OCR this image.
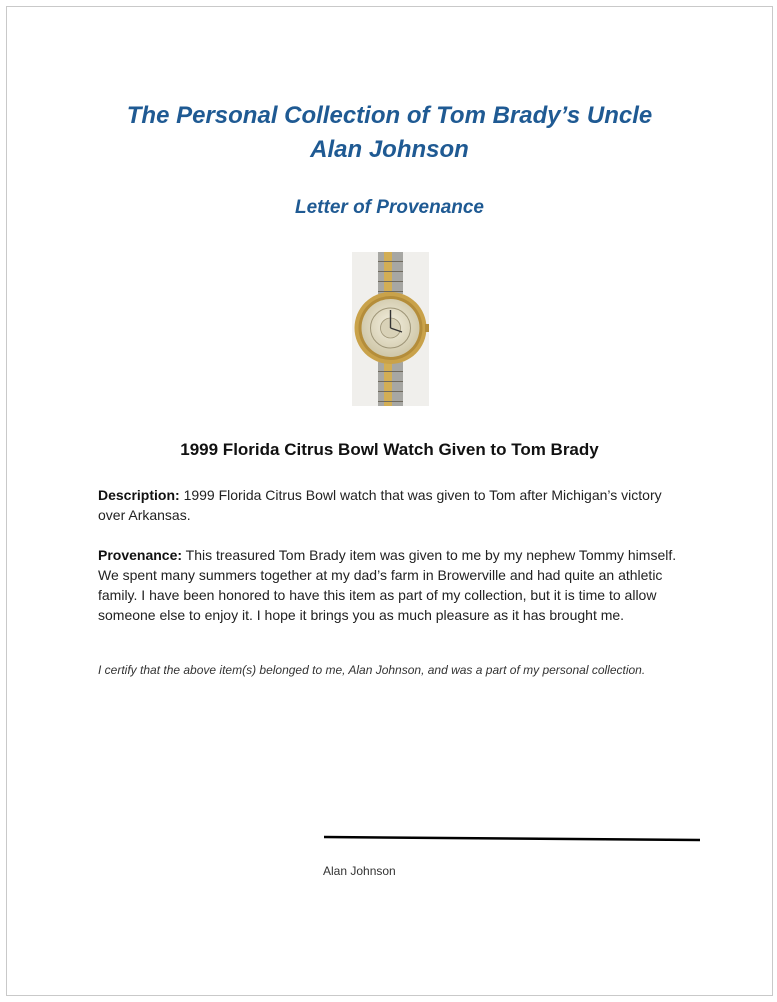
The Personal Collection of Tom Brady’s Uncle
Alan Johnson
Letter of Provenance
1999 Florida Citrus Bowl Watch Given to Tom Brady
Description: 1999 Florida Citrus Bowl watch that was given to Tom after Michigan’s victory over Arkansas.
Provenance: This treasured Tom Brady item was given to me by my nephew Tommy himself. We spent many summers together at my dad’s farm in Browerville and had quite an athletic family. I have been honored to have this item as part of my collection, but it is time to allow someone else to enjoy it. I hope it brings you as much pleasure as it has brought me.
I certify that the above item(s) belonged to me, Alan Johnson, and was a part of my personal collection.
Alan Johnson
